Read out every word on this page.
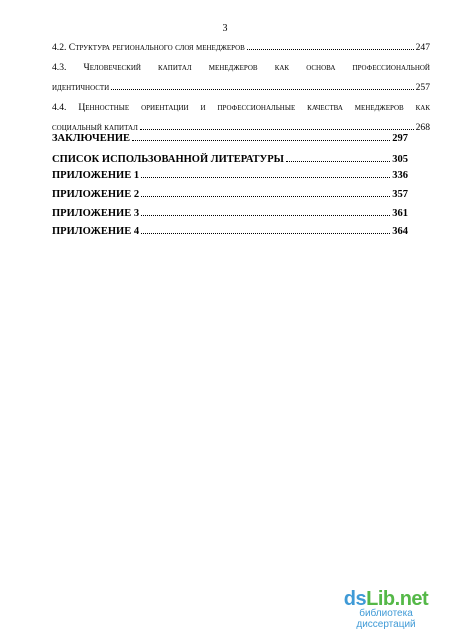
3
4.2. Структура регионального слоя менеджеров	247
4.3. Человеческий капитал менеджеров как основа профессиональной
идентичности	257
4.4. Ценностные ориентации и профессиональные качества менеджеров как
социальный капитал	268
ЗАКЛЮЧЕНИЕ	297
СПИСОК ИСПОЛЬЗОВАННОЙ ЛИТЕРАТУРЫ	305
ПРИЛОЖЕНИЕ 1	336
ПРИЛОЖЕНИЕ 2	357
ПРИЛОЖЕНИЕ 3	361
ПРИЛОЖЕНИЕ 4	364
dsLib.net
библиотека диссертаций
